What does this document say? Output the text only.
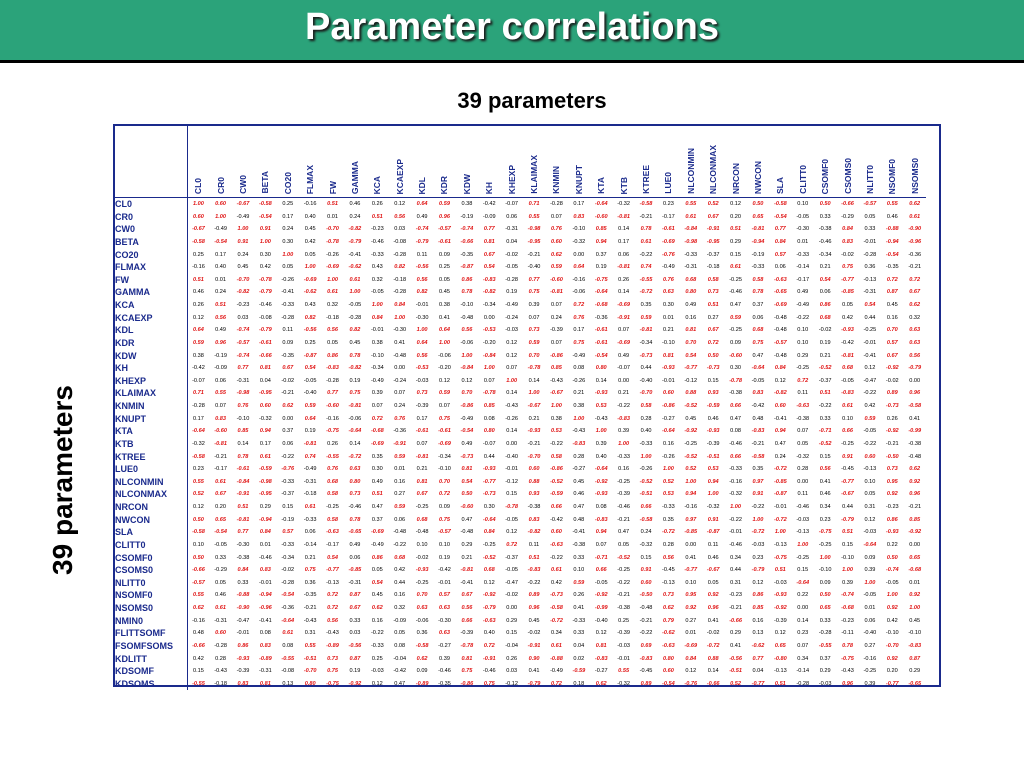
Parameter correlations
39 parameters
39 parameters

	CL0	CR0	CW0	BETA	CO20	FLMAX	FW	GAMMA	KCA	KCAEXP	KDL	KDR	KDW	KH	KHEXP	KLAIMAX	KNMIN	KNUPT	KTA	KTB	KTREE	LUE0	NLCONMIN	NLCONMAX	NRCON	NWCON	SLA	CLITT0	CSOMF0	CSOMS0	NLITT0	NSOMF0	NSOMS0

CL0	1.00	0.60	-0.67	-0.58	0.25	-0.16	0.51	0.46	0.26	0.12	0.64	0.59	0.38	-0.42	-0.07	0.71	-0.28	0.17	-0.64	-0.32	-0.58	0.23	0.55	0.52	0.12	0.50	-0.58	0.10	0.50	-0.66	-0.57	0.55	0.62
CR0	0.60	1.00	-0.49	-0.54	0.17	0.40	0.01	0.24	0.51	0.56	0.49	0.96	-0.19	-0.09	0.06	0.55	0.07	0.83	-0.60	-0.81	-0.21	-0.17	0.61	0.67	0.20	0.65	-0.54	-0.05	0.33	-0.29	0.05	0.46	0.61
CW0	-0.67	-0.49	1.00	0.91	0.24	0.45	-0.70	-0.82	-0.23	0.03	-0.74	-0.57	-0.74	0.77	-0.31	-0.98	0.76	-0.10	0.85	0.14	0.78	-0.61	-0.84	-0.91	0.51	-0.81	0.77	-0.30	-0.38	0.84	0.33	-0.88	-0.90
BETA	-0.58	-0.54	0.91	1.00	0.30	0.42	-0.78	-0.79	-0.46	-0.08	-0.79	-0.61	-0.66	0.81	0.04	-0.95	0.60	-0.32	0.94	0.17	0.61	-0.69	-0.98	-0.95	0.29	-0.94	0.84	0.01	-0.46	0.83	-0.01	-0.94	-0.96
CO20	0.25	0.17	0.24	0.30	1.00	0.05	-0.26	-0.41	-0.33	-0.28	0.11	0.09	-0.35	0.67	-0.02	-0.21	0.62	0.00	0.37	0.06	-0.22	-0.76	-0.33	-0.37	0.15	-0.19	0.57	-0.33	-0.34	-0.02	-0.28	-0.54	-0.36
FLMAX	-0.16	0.40	0.45	0.42	0.05	1.00	-0.69	-0.62	0.43	0.82	-0.56	0.25	-0.87	0.54	-0.05	-0.40	0.59	0.64	0.19	-0.81	0.74	-0.49	-0.31	-0.18	0.61	-0.33	0.06	-0.14	0.21	0.75	0.36	-0.35	-0.21
FW	0.51	0.01	-0.70	-0.78	-0.26	-0.69	1.00	0.61	0.32	-0.18	0.56	0.05	0.86	-0.83	-0.28	0.77	-0.60	-0.16	-0.75	0.26	-0.55	0.76	0.68	0.58	-0.25	0.58	-0.63	-0.17	0.54	-0.77	-0.13	0.72	0.72
GAMMA	0.46	0.24	-0.82	-0.79	-0.41	-0.62	0.61	1.00	-0.05	-0.28	0.82	0.45	0.78	-0.82	0.19	0.75	-0.81	-0.06	-0.64	0.14	-0.72	0.63	0.80	0.73	-0.46	0.78	-0.65	0.49	0.06	-0.85	-0.31	0.87	0.67
KCA	0.26	0.51	-0.23	-0.46	-0.33	0.43	0.32	-0.05	1.00	0.84	-0.01	0.38	-0.10	-0.34	-0.49	0.39	0.07	0.72	-0.68	-0.69	0.35	0.30	0.49	0.51	0.47	0.37	-0.69	-0.49	0.86	0.05	0.54	0.45	0.62
KCAEXP	0.12	0.56	0.03	-0.08	-0.28	0.82	-0.18	-0.28	0.84	1.00	-0.30	0.41	-0.48	0.00	-0.24	0.07	0.24	0.76	-0.36	-0.91	0.59	0.01	0.16	0.27	0.59	0.06	-0.48	-0.22	0.68	0.42	0.44	0.16	0.32
KDL	0.64	0.49	-0.74	-0.79	0.11	-0.56	0.56	0.82	-0.01	-0.30	1.00	0.64	0.56	-0.53	-0.03	0.73	-0.39	0.17	-0.61	0.07	-0.81	0.21	0.81	0.67	-0.25	0.68	-0.48	0.10	-0.02	-0.93	-0.25	0.70	0.63
KDR	0.59	0.96	-0.57	-0.61	0.09	0.25	0.05	0.45	0.38	0.41	0.64	1.00	-0.06	-0.20	0.12	0.59	0.07	0.75	-0.61	-0.69	-0.34	-0.10	0.70	0.72	0.09	0.75	-0.57	0.10	0.19	-0.42	-0.01	0.57	0.63
KDW	0.38	-0.19	-0.74	-0.66	-0.35	-0.87	0.86	0.78	-0.10	-0.48	0.56	-0.06	1.00	-0.84	0.12	0.70	-0.86	-0.49	-0.54	0.49	-0.73	0.81	0.54	0.50	-0.60	0.47	-0.48	0.29	0.21	-0.81	-0.41	0.67	0.56
KH	-0.42	-0.09	0.77	0.81	0.67	0.54	-0.83	-0.82	-0.34	0.00	-0.53	-0.20	-0.84	1.00	0.07	-0.78	0.85	0.08	0.80	-0.07	0.44	-0.93	-0.77	-0.73	0.30	-0.64	0.84	-0.25	-0.52	0.68	0.12	-0.92	-0.79
KHEXP	-0.07	0.06	-0.31	0.04	-0.02	-0.05	-0.28	0.19	-0.49	-0.24	-0.03	0.12	0.12	0.07	1.00	0.14	-0.43	-0.26	0.14	0.00	-0.40	-0.01	-0.12	0.15	-0.78	-0.05	0.12	0.72	-0.37	-0.05	-0.47	-0.02	0.00
KLAIMAX	0.71	0.55	-0.98	-0.95	-0.21	-0.40	0.77	0.75	0.39	0.07	0.73	0.59	0.70	-0.78	0.14	1.00	-0.67	0.21	-0.93	0.21	-0.70	0.60	0.88	0.93	-0.38	0.83	-0.82	0.11	0.51	-0.83	-0.22	0.89	0.96
KNMIN	-0.28	0.07	0.76	0.60	0.62	0.59	-0.60	-0.81	0.07	0.24	-0.39	0.07	-0.86	0.85	-0.43	-0.67	1.00	0.38	0.53	-0.22	0.58	-0.86	-0.52	-0.59	0.66	-0.42	0.60	-0.63	-0.22	0.61	0.42	-0.73	-0.58
KNUPT	0.17	0.83	-0.10	-0.32	0.00	0.64	-0.16	-0.06	0.72	0.76	0.17	0.75	-0.49	0.08	-0.26	0.21	0.38	1.00	-0.43	-0.83	0.28	-0.27	0.45	0.46	0.47	0.48	-0.41	-0.38	0.33	0.10	0.59	0.26	0.41
KTA	-0.64	-0.60	0.85	0.94	0.37	0.19	-0.75	-0.64	-0.68	-0.36	-0.61	-0.61	-0.54	0.80	0.14	-0.93	0.53	-0.43	1.00	0.39	0.40	-0.64	-0.92	-0.93	0.08	-0.83	0.94	0.07	-0.71	0.66	-0.05	-0.92	-0.99
KTB	-0.32	-0.81	0.14	0.17	0.06	-0.81	0.26	0.14	-0.69	-0.91	0.07	-0.69	0.49	-0.07	0.00	-0.21	-0.22	-0.83	0.39	1.00	-0.33	0.16	-0.25	-0.39	-0.46	-0.21	0.47	0.05	-0.52	-0.25	-0.22	-0.21	-0.38
KTREE	-0.58	-0.21	0.78	0.61	-0.22	0.74	-0.55	-0.72	0.35	0.59	-0.81	-0.34	-0.73	0.44	-0.40	-0.70	0.58	0.28	0.40	-0.33	1.00	-0.26	-0.52	-0.51	0.66	-0.58	0.24	-0.32	0.15	0.91	0.60	-0.50	-0.48
LUE0	0.23	-0.17	-0.61	-0.59	-0.76	-0.49	0.76	0.63	0.30	0.01	0.21	-0.10	0.81	-0.93	-0.01	0.60	-0.86	-0.27	-0.64	0.16	-0.26	1.00	0.52	0.53	-0.33	0.35	-0.72	0.28	0.56	-0.45	-0.13	0.73	0.62
NLCONMIN	0.55	0.61	-0.84	-0.98	-0.33	-0.31	0.68	0.80	0.49	0.16	0.81	0.70	0.54	-0.77	-0.12	0.88	-0.52	0.45	-0.92	-0.25	-0.52	0.52	1.00	0.94	-0.16	0.97	-0.85	0.00	0.41	-0.77	0.10	0.95	0.92
NLCONMAX	0.52	0.67	-0.91	-0.95	-0.37	-0.18	0.58	0.73	0.51	0.27	0.67	0.72	0.50	-0.73	0.15	0.93	-0.59	0.46	-0.93	-0.39	-0.51	0.53	0.94	1.00	-0.32	0.91	-0.87	0.11	0.46	-0.67	0.05	0.92	0.96
NRCON	0.12	0.20	0.51	0.29	0.15	0.61	-0.25	-0.46	0.47	0.59	-0.25	0.09	-0.60	0.30	-0.78	-0.38	0.66	0.47	0.08	-0.46	0.66	-0.33	-0.16	-0.32	1.00	-0.22	-0.01	-0.46	0.34	0.44	0.31	-0.23	-0.21
NWCON	0.50	0.65	-0.81	-0.94	-0.19	-0.33	0.58	0.78	0.37	0.06	0.68	0.75	0.47	-0.64	-0.05	0.83	-0.42	0.48	-0.83	-0.21	-0.58	0.35	0.97	0.91	-0.22	1.00	-0.72	-0.03	0.23	-0.79	0.12	0.86	0.85
SLA	-0.58	-0.54	0.77	0.84	0.57	0.06	-0.63	-0.65	-0.69	-0.48	-0.48	-0.57	-0.48	0.84	0.12	-0.82	0.60	-0.41	0.94	0.47	0.24	-0.72	-0.85	-0.87	-0.01	-0.72	1.00	-0.13	-0.75	0.51	-0.03	-0.93	-0.92
CLITT0	0.10	-0.05	-0.30	0.01	-0.33	-0.14	-0.17	0.49	-0.49	-0.22	0.10	0.10	0.29	-0.25	0.72	0.11	-0.63	-0.38	0.07	0.05	-0.32	0.28	0.00	0.11	-0.46	-0.03	-0.13	1.00	-0.25	0.15	-0.64	0.22	0.00
CSOMF0	0.50	0.33	-0.38	-0.46	-0.34	0.21	0.54	0.06	0.86	0.68	-0.02	0.19	0.21	-0.52	-0.37	0.51	-0.22	0.33	-0.71	-0.52	0.15	0.56	0.41	0.46	0.34	0.23	-0.75	-0.25	1.00	-0.10	0.09	0.50	0.65
CSOMS0	-0.66	-0.29	0.84	0.83	-0.02	0.75	-0.77	-0.85	0.05	0.42	-0.93	-0.42	-0.81	0.68	-0.05	-0.83	0.61	0.10	0.66	-0.25	0.91	-0.45	-0.77	-0.67	0.44	-0.79	0.51	0.15	-0.10	1.00	0.39	-0.74	-0.68
NLITT0	-0.57	0.05	0.33	-0.01	-0.28	0.36	-0.13	-0.31	0.54	0.44	-0.25	-0.01	-0.41	0.12	-0.47	-0.22	0.42	0.59	-0.05	-0.22	0.60	-0.13	0.10	0.05	0.31	0.12	-0.03	-0.64	0.09	0.39	1.00	-0.05	0.01
NSOMF0	0.55	0.46	-0.88	-0.94	-0.54	-0.35	0.72	0.87	0.45	0.16	0.70	0.57	0.67	-0.92	-0.02	0.89	-0.73	0.26	-0.92	-0.21	-0.50	0.73	0.95	0.92	-0.23	0.86	-0.93	0.22	0.50	-0.74	-0.05	1.00	0.92
NSOMS0	0.62	0.61	-0.90	-0.96	-0.36	-0.21	0.72	0.67	0.62	0.32	0.63	0.63	0.56	-0.79	0.00	0.96	-0.58	0.41	-0.99	-0.38	-0.48	0.62	0.92	0.96	-0.21	0.85	-0.92	0.00	0.65	-0.68	0.01	0.92	1.00
NMIN0	-0.16	-0.31	-0.47	-0.41	-0.64	-0.43	0.56	0.33	0.16	-0.09	-0.06	-0.30	0.66	-0.63	0.29	0.45	-0.72	-0.33	-0.40	0.25	-0.21	0.79	0.27	0.41	-0.66	0.16	-0.39	0.14	0.33	-0.23	0.06	0.42	0.45
FLITTSOMF	0.48	0.60	-0.01	0.08	0.61	0.31	-0.43	0.03	-0.22	0.05	0.36	0.63	-0.39	0.40	0.15	-0.02	0.34	0.33	0.12	-0.39	-0.22	-0.62	0.01	-0.02	0.29	0.13	0.12	0.23	-0.28	-0.11	-0.40	-0.10	-0.10
FSOMFSOMS	-0.66	-0.28	0.86	0.83	0.08	0.55	-0.89	-0.56	-0.33	0.08	-0.58	-0.27	-0.78	0.72	-0.04	-0.91	0.61	0.04	0.81	-0.03	0.69	-0.63	-0.69	-0.72	0.41	-0.62	0.65	0.07	-0.55	0.78	0.27	-0.70	-0.83
KDLITT	0.42	0.28	-0.93	-0.89	-0.55	-0.51	0.73	0.87	0.25	-0.04	0.62	0.39	0.81	-0.91	0.26	0.90	-0.88	0.02	-0.83	-0.01	-0.83	0.80	0.84	0.88	-0.56	0.77	-0.80	0.34	0.37	-0.75	-0.16	0.92	0.87
KDSOMF	0.15	-0.43	-0.39	-0.31	-0.08	-0.70	0.75	0.19	-0.03	-0.42	0.09	-0.46	0.75	-0.46	0.03	0.41	-0.49	-0.59	-0.27	0.55	-0.45	0.60	0.12	0.14	-0.51	0.04	-0.13	-0.14	0.29	-0.43	-0.25	0.20	0.29
KDSOMS	-0.55	-0.18	0.83	0.81	0.13	0.80	-0.75	-0.92	0.12	0.47	-0.89	-0.35	-0.86	0.75	-0.12	-0.79	0.72	0.18	0.62	-0.32	0.89	-0.54	-0.76	-0.66	0.52	-0.77	0.51	-0.28	-0.03	0.96	0.39	-0.77	-0.65
